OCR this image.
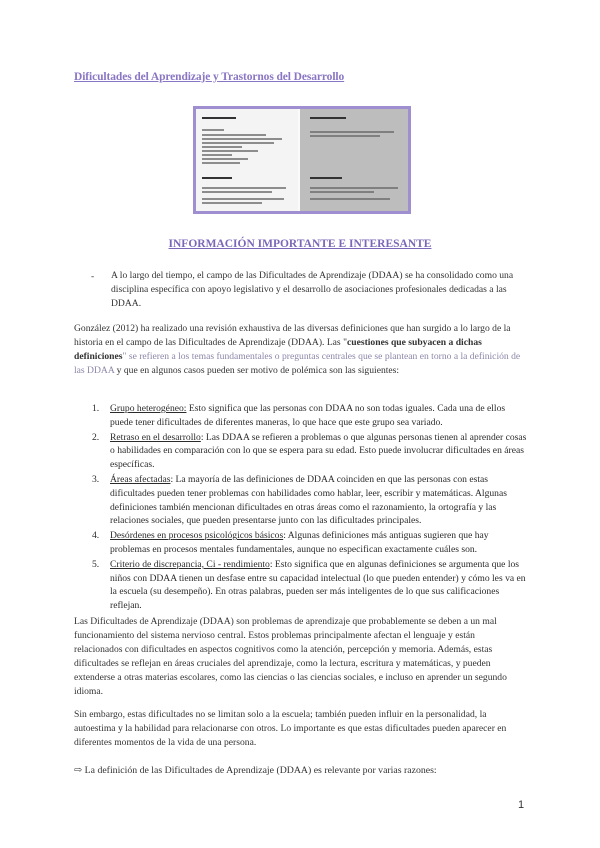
Dificultades del Aprendizaje y Trastornos del Desarrollo
INFORMACIÓN IMPORTANTE E INTERESANTE
- A lo largo del tiempo, el campo de las Dificultades de Aprendizaje (DDAA) se ha consolidado como una disciplina específica con apoyo legislativo y el desarrollo de asociaciones profesionales dedicadas a las DDAA.
González (2012) ha realizado una revisión exhaustiva de las diversas definiciones que han surgido a lo largo de la historia en el campo de las Dificultades de Aprendizaje (DDAA). Las "cuestiones que subyacen a dichas definiciones" se refieren a los temas fundamentales o preguntas centrales que se plantean en torno a la definición de las DDAA y que en algunos casos pueden ser motivo de polémica son las siguientes:
1. Grupo heterogéneo: Esto significa que las personas con DDAA no son todas iguales. Cada una de ellos puede tener dificultades de diferentes maneras, lo que hace que este grupo sea variado.
2. Retraso en el desarrollo: Las DDAA se refieren a problemas o que algunas personas tienen al aprender cosas o habilidades en comparación con lo que se espera para su edad. Esto puede involucrar dificultades en áreas específicas.
3. Áreas afectadas: La mayoría de las definiciones de DDAA coinciden en que las personas con estas dificultades pueden tener problemas con habilidades como hablar, leer, escribir y matemáticas. Algunas definiciones también mencionan dificultades en otras áreas como el razonamiento, la ortografía y las relaciones sociales, que pueden presentarse junto con las dificultades principales.
4. Desórdenes en procesos psicológicos básicos: Algunas definiciones más antiguas sugieren que hay problemas en procesos mentales fundamentales, aunque no especifican exactamente cuáles son.
5. Criterio de discrepancia, Ci - rendimiento: Esto significa que en algunas definiciones se argumenta que los niños con DDAA tienen un desfase entre su capacidad intelectual (lo que pueden entender) y cómo les va en la escuela (su desempeño). En otras palabras, pueden ser más inteligentes de lo que sus calificaciones reflejan.
Las Dificultades de Aprendizaje (DDAA) son problemas de aprendizaje que probablemente se deben a un mal funcionamiento del sistema nervioso central. Estos problemas principalmente afectan el lenguaje y están relacionados con dificultades en aspectos cognitivos como la atención, percepción y memoria. Además, estas dificultades se reflejan en áreas cruciales del aprendizaje, como la lectura, escritura y matemáticas, y pueden extenderse a otras materias escolares, como las ciencias o las ciencias sociales, e incluso en aprender un segundo idioma.
Sin embargo, estas dificultades no se limitan solo a la escuela; también pueden influir en la personalidad, la autoestima y la habilidad para relacionarse con otros. Lo importante es que estas dificultades pueden aparecer en diferentes momentos de la vida de una persona.
⇨ La definición de las Dificultades de Aprendizaje (DDAA) es relevante por varias razones:
1
